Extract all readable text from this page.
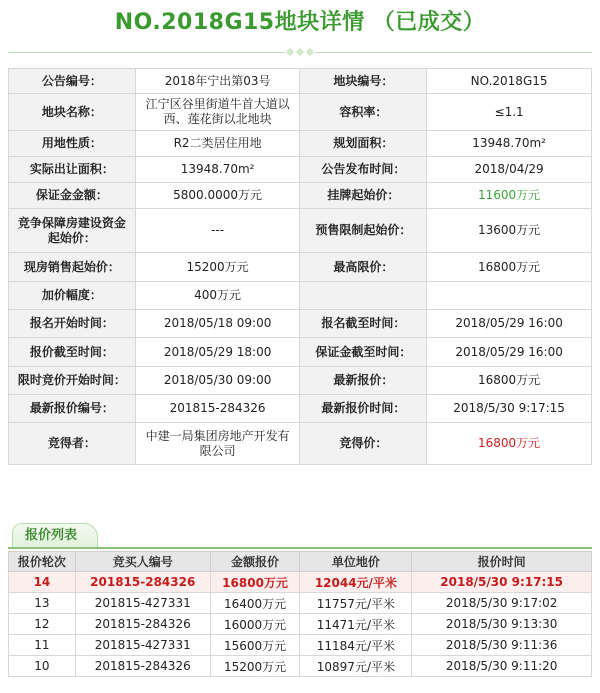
NO.2018G15地块详情 （已成交）
公告编号：	2018年宁出第03号	地块编号：	NO.2018G15
地块名称：	江宁区谷里街道牛首大道以西、莲花街以北地块	容积率：	≤1.1
用地性质：	R2二类居住用地	规划面积：	13948.70m²
实际出让面积：	13948.70m²	公告发布时间：	2018/04/29
保证金金额：	5800.0000万元	挂牌起始价：	11600万元
竞争保障房建设资金起始价：	---	预售限制起始价：	13600万元
现房销售起始价：	15200万元	最高限价：	16800万元
加价幅度：	400万元		
报名开始时间：	2018/05/18 09:00	报名截至时间：	2018/05/29 16:00
报价截至时间：	2018/05/29 18:00	保证金截至时间：	2018/05/29 16:00
限时竞价开始时间：	2018/05/30 09:00	最新报价：	16800万元
最新报价编号：	201815-284326	最新报价时间：	2018/5/30 9:17:15
竞得者：	中建一局集团房地产开发有限公司	竞得价：	16800万元
报价列表
报价轮次	竞买人编号	金额报价	单位地价	报价时间
14	201815-284326	16800万元	12044元/平米	2018/5/30 9:17:15
13	201815-427331	16400万元	11757元/平米	2018/5/30 9:17:02
12	201815-284326	16000万元	11471元/平米	2018/5/30 9:13:30
11	201815-427331	15600万元	11184元/平米	2018/5/30 9:11:36
10	201815-284326	15200万元	10897元/平米	2018/5/30 9:11:20
